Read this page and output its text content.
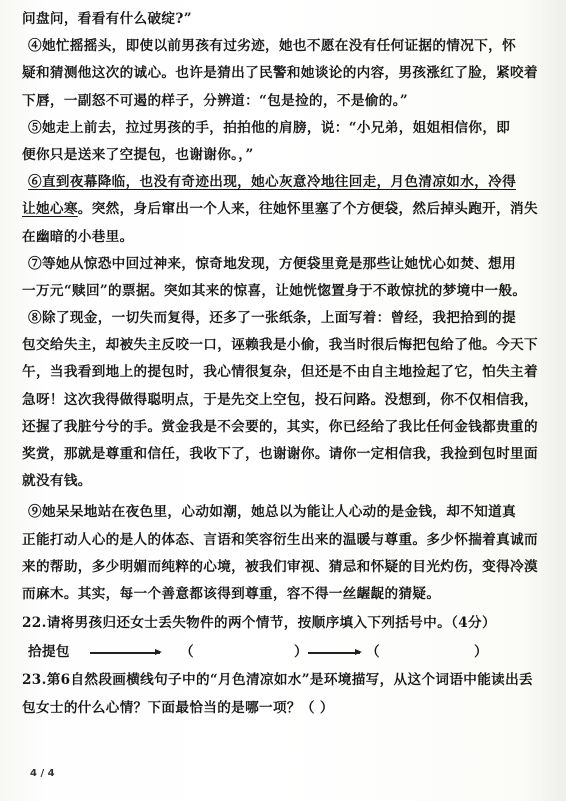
问盘问，看看有什么破绽?”
④她忙摇摇头，即使以前男孩有过劣迹，她也不愿在没有任何证据的情况下，怀
疑和猜测他这次的诚心。也许是猜出了民警和她谈论的内容，男孩涨红了脸，紧咬着
下唇，一副怒不可遏的样子，分辨道：“包是捡的，不是偷的。”
⑤她走上前去，拉过男孩的手，拍拍他的肩膀，说：“小兄弟，姐姐相信你，即
便你只是送来了空提包，也谢谢你。，”
⑥直到夜幕降临，也没有奇迹出现，她心灰意冷地往回走，月色清凉如水，冷得
让她心寒。突然，身后窜出一个人来，往她怀里塞了个方便袋，然后掉头跑开，消失
在幽暗的小巷里。
⑦等她从惊恐中回过神来，惊奇地发现，方便袋里竟是那些让她忧心如焚、想用
一万元“赎回”的票据。突如其来的惊喜，让她恍惚置身于不敢惊扰的梦境中一般。
⑧除了现金，一切失而复得，还多了一张纸条，上面写着：曾经，我把拾到的提
包交给失主，却被失主反咬一口，诬赖我是小偷，我当时很后悔把包给了他。今天下
午，当我看到地上的提包时，我心情很复杂，但还是不由自主地捡起了它，怕失主着
急呀！这次我得做得聪明点，于是先交上空包，投石问路。没想到，你不仅相信我，
还握了我脏兮兮的手。赏金我是不会要的，其实，你已经给了我比任何金钱都贵重的
奖赏，那就是尊重和信任，我收下了，也谢谢你。请你一定相信我，我捡到包时里面
就没有钱。
⑨她呆呆地站在夜色里，心动如潮，她总以为能让人心动的是金钱，却不知道真
正能打动人心的是人的体态、言语和笑容衍生出来的温暖与尊重。多少怀揣着真诚而
来的帮助，多少明媚而纯粹的心境，被我们审视、猜忌和怀疑的目光灼伤，变得冷漠
而麻木。其实，每一个善意都该得到尊重，容不得一丝龌龊的猜疑。
22.请将男孩归还女士丢失物件的两个情节，按顺序填入下列括号中。（4分）
拾提包	（	）	（	）
23.第6自然段画横线句子中的“月色清凉如水”是环境描写，从这个词语中能读出丢
包女士的什么心情？下面最恰当的是哪一项？（ ）
4 / 4
